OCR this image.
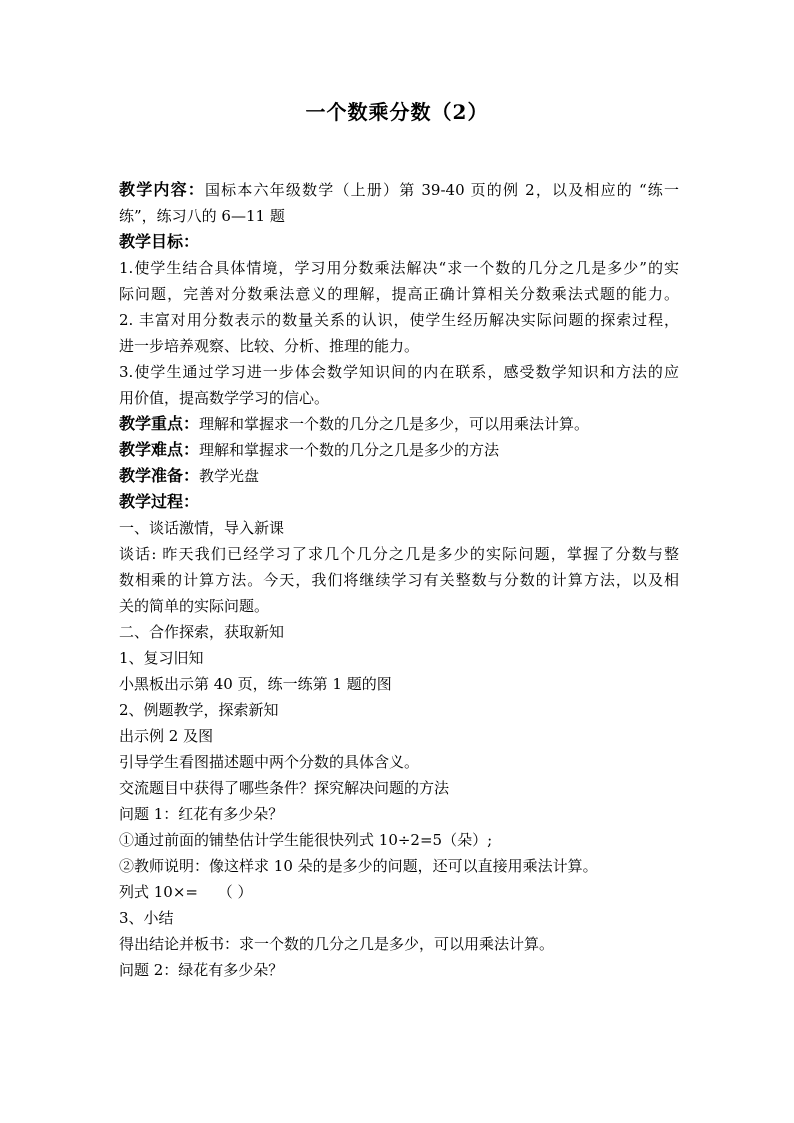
一个数乘分数（2）
教学内容：国标本六年级数学（上册）第 39-40 页的例 2，以及相应的 “练一
练”，练习八的 6—11 题
教学目标：
1.使学生结合具体情境，学习用分数乘法解决“求一个数的几分之几是多少”的实
际问题，完善对分数乘法意义的理解，提高正确计算相关分数乘法式题的能力。
2. 丰富对用分数表示的数量关系的认识，使学生经历解决实际问题的探索过程，
进一步培养观察、比较、分析、推理的能力。
3.使学生通过学习进一步体会数学知识间的内在联系，感受数学知识和方法的应
用价值，提高数学学习的信心。
教学重点：理解和掌握求一个数的几分之几是多少，可以用乘法计算。
教学难点：理解和掌握求一个数的几分之几是多少的方法
教学准备：教学光盘
教学过程：
一、谈话激情，导入新课
谈话: 昨天我们已经学习了求几个几分之几是多少的实际问题，掌握了分数与整
数相乘的计算方法。今天，我们将继续学习有关整数与分数的计算方法，以及相
关的简单的实际问题。
二、合作探索，获取新知
1、复习旧知
小黑板出示第 40 页，练一练第 1 题的图
2、例题教学，探索新知
出示例 2 及图
引导学生看图描述题中两个分数的具体含义。
交流题目中获得了哪些条件？探究解决问题的方法
问题 1：红花有多少朵？
①通过前面的铺垫估计学生能很快列式 10÷2=5（朵）;
②教师说明：像这样求 10 朵的是多少的问题，还可以直接用乘法计算。
列式 10×=　 （ ）
3、小结
得出结论并板书：求一个数的几分之几是多少，可以用乘法计算。
问题 2：绿花有多少朵？
